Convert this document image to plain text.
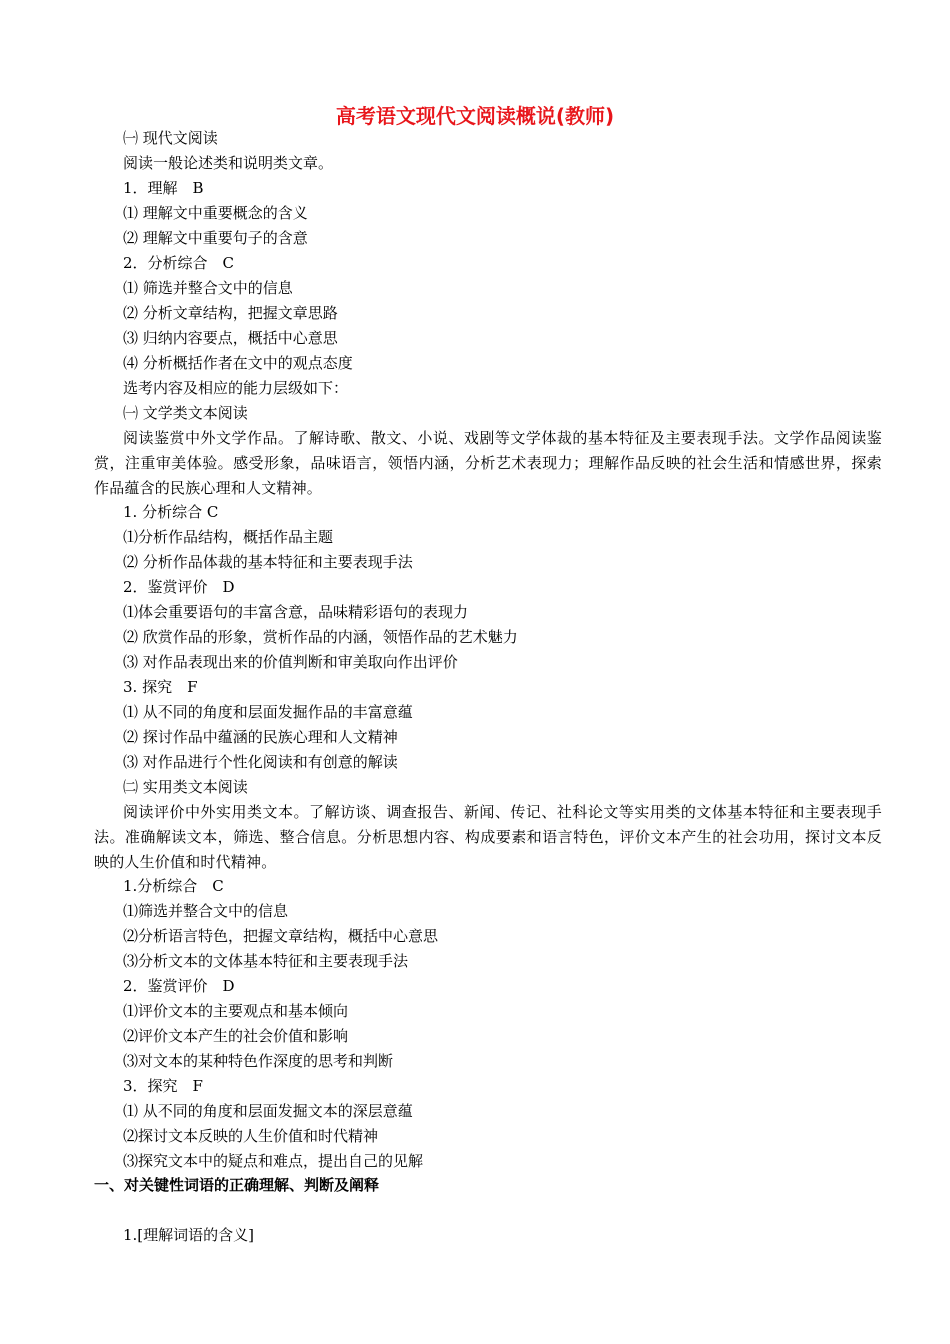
高考语文现代文阅读概说(教师)
㈠ 现代文阅读
阅读一般论述类和说明类文章。
1．理解　B
⑴ 理解文中重要概念的含义
⑵ 理解文中重要句子的含意
2．分析综合　C
⑴ 筛选并整合文中的信息
⑵ 分析文章结构，把握文章思路
⑶ 归纳内容要点，概括中心意思
⑷ 分析概括作者在文中的观点态度
选考内容及相应的能力层级如下：
㈠ 文学类文本阅读
阅读鉴赏中外文学作品。了解诗歌、散文、小说、戏剧等文学体裁的基本特征及主要表现手法。文学作品阅读鉴赏，注重审美体验。感受形象，品味语言，领悟内涵，分析艺术表现力；理解作品反映的社会生活和情感世界，探索作品蕴含的民族心理和人文精神。
1. 分析综合 C
⑴分析作品结构，概括作品主题
⑵ 分析作品体裁的基本特征和主要表现手法
2．鉴赏评价　D
⑴体会重要语句的丰富含意，品味精彩语句的表现力
⑵ 欣赏作品的形象，赏析作品的内涵，领悟作品的艺术魅力
⑶ 对作品表现出来的价值判断和审美取向作出评价
3. 探究　F
⑴ 从不同的角度和层面发掘作品的丰富意蕴
⑵ 探讨作品中蕴涵的民族心理和人文精神
⑶ 对作品进行个性化阅读和有创意的解读
㈡ 实用类文本阅读
阅读评价中外实用类文本。了解访谈、调查报告、新闻、传记、社科论文等实用类的文体基本特征和主要表现手法。准确解读文本，筛选、整合信息。分析思想内容、构成要素和语言特色，评价文本产生的社会功用，探讨文本反映的人生价值和时代精神。
1.分析综合　C
⑴筛选并整合文中的信息
⑵分析语言特色，把握文章结构，概括中心意思
⑶分析文本的文体基本特征和主要表现手法
2．鉴赏评价　D
⑴评价文本的主要观点和基本倾向
⑵评价文本产生的社会价值和影响
⑶对文本的某种特色作深度的思考和判断
3．探究　F
⑴ 从不同的角度和层面发掘文本的深层意蕴
⑵探讨文本反映的人生价值和时代精神
⑶探究文本中的疑点和难点，提出自己的见解
一、对关键性词语的正确理解、判断及阐释
1.[理解词语的含义]
